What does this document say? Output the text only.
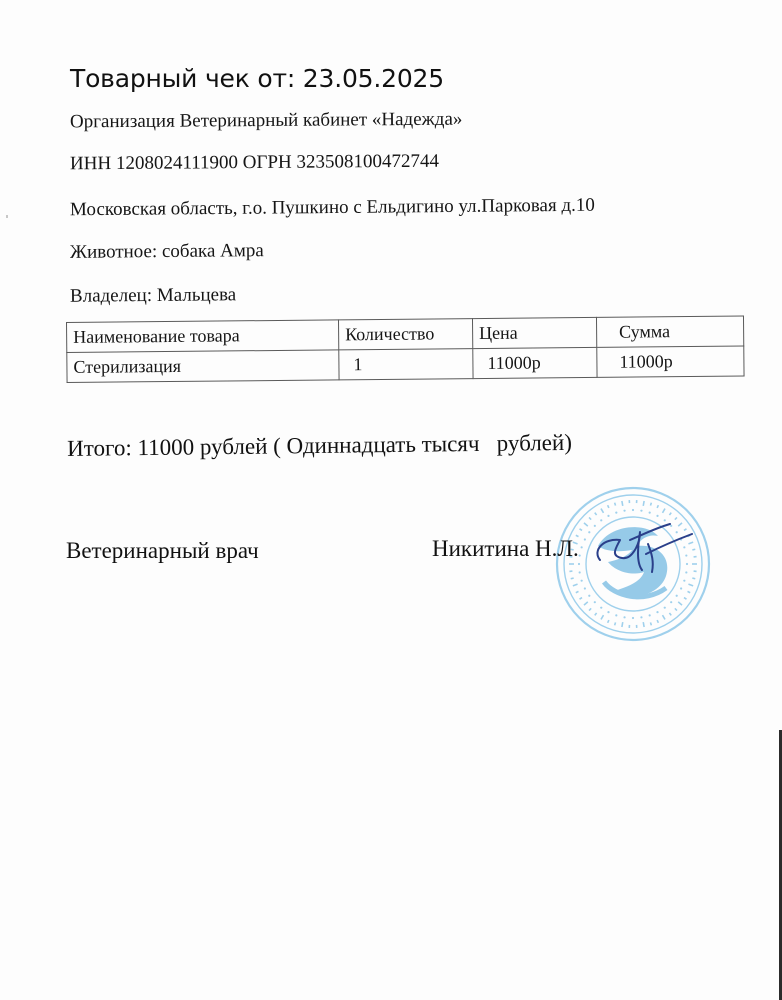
Товарный чек от: 23.05.2025
Организация Ветеринарный кабинет «Надежда»
ИНН 1208024111900 ОГРН 323508100472744
Московская область, г.о. Пушкино с Ельдигино ул.Парковая д.10
Животное: собака Амра
Владелец: Мальцева
Наименование товара	Количество	Цена	Сумма
Стерилизация	1	11000р	11000р
Итого: 11000 рублей ( Одиннадцать тысяч   рублей)
Ветеринарный врач	Никитина Н.Л.
